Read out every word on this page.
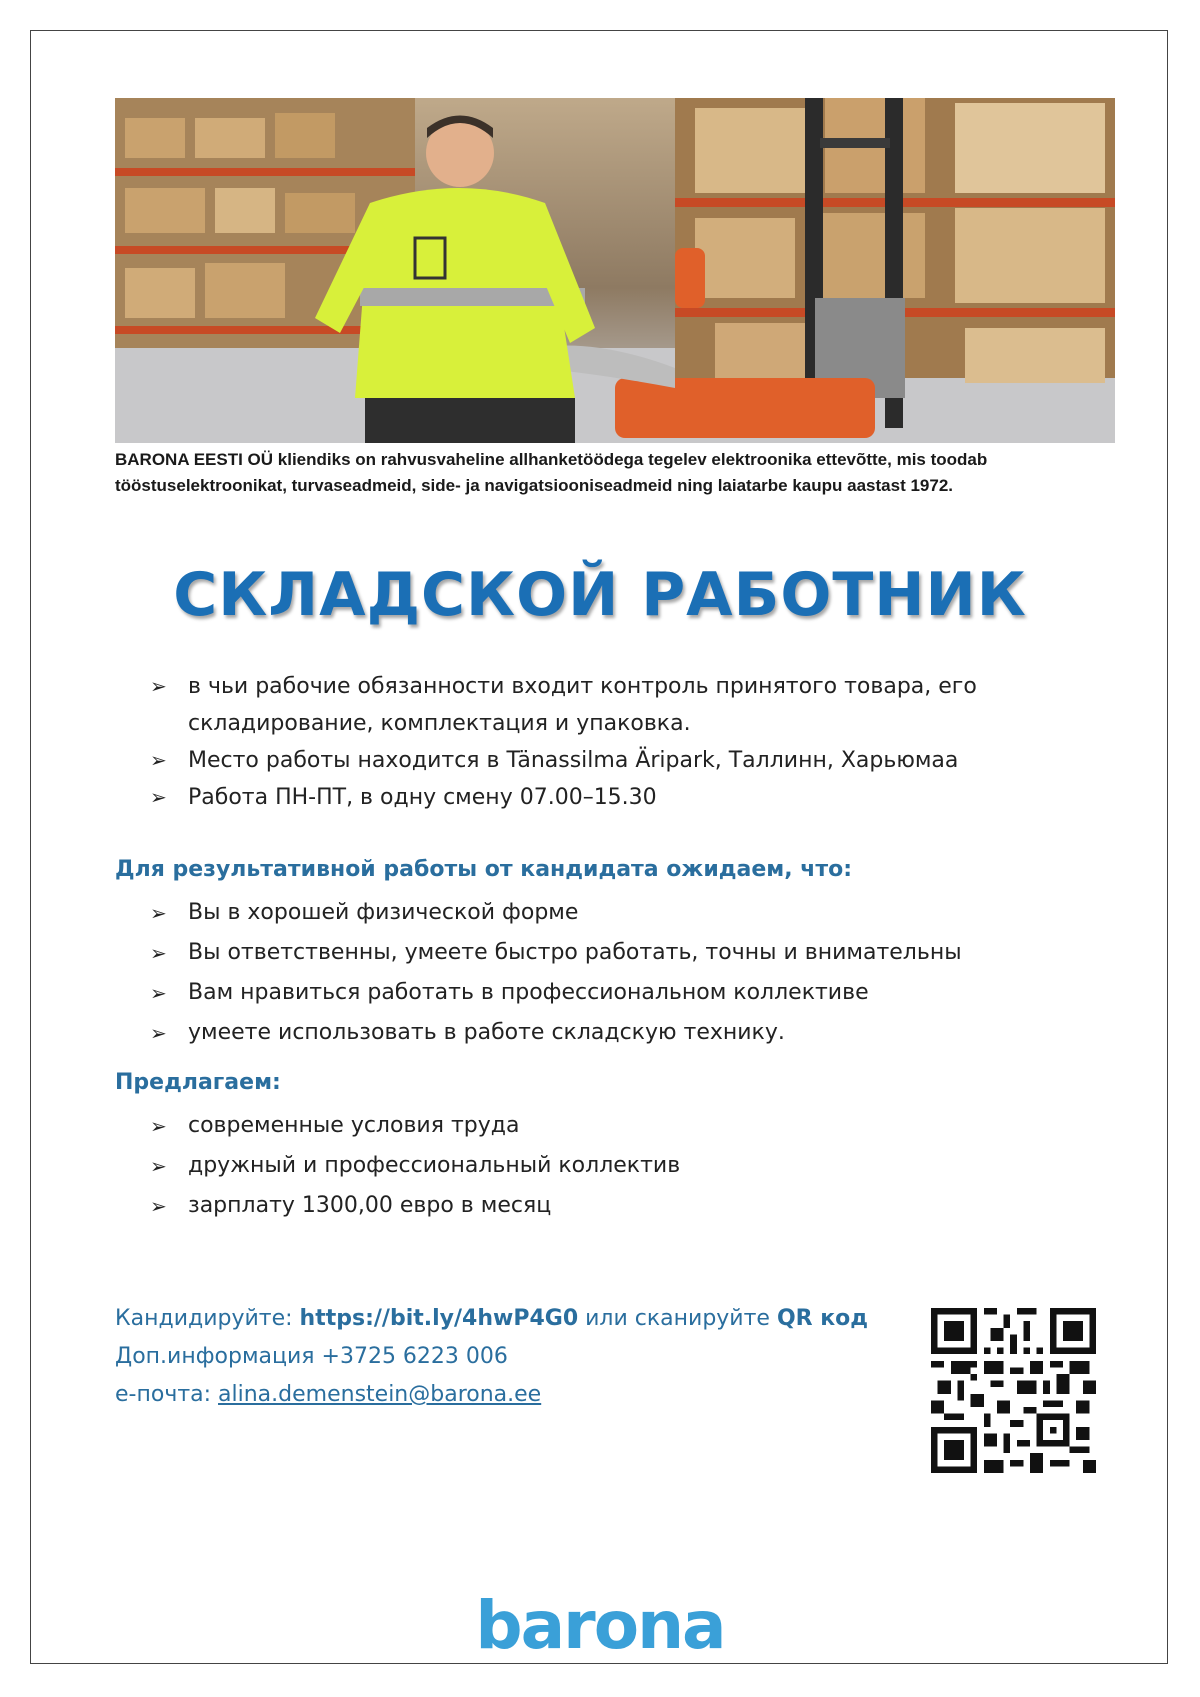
BARONA EESTI OÜ kliendiks on rahvusvaheline allhanketöödega tegelev elektroonika ettevõtte, mis toodab tööstuselektroonikat, turvaseadmeid, side- ja navigatsiooniseadmeid ning laiatarbe kaupu aastast 1972.
СКЛАДСКОЙ РАБОТНИК
➢ в чьи рабочие обязанности входит контроль принятого товара, его складирование, комплектация и упаковка.
➢ Место работы находится в Tänassilma Äripark, Таллинн, Харьюмаа
➢ Работа ПН-ПТ, в одну смену 07.00–15.30
Для результативной работы от кандидата ожидаем, что:
➢ Вы в хорошей физической форме
➢ Вы ответственны, умеете быстро работать, точны и внимательны
➢ Вам нравиться работать в профессиональном коллективе
➢ умеете использовать в работе складскую технику.
Предлагаем:
➢ современные условия труда
➢ дружный и профессиональный коллектив
➢ зарплату 1300,00 евро в месяц
Кандидируйте: https://bit.ly/4hwP4G0 или сканируйте QR код
Доп.информация +3725 6223 006
e-почта: alina.demenstein@barona.ee
barona
